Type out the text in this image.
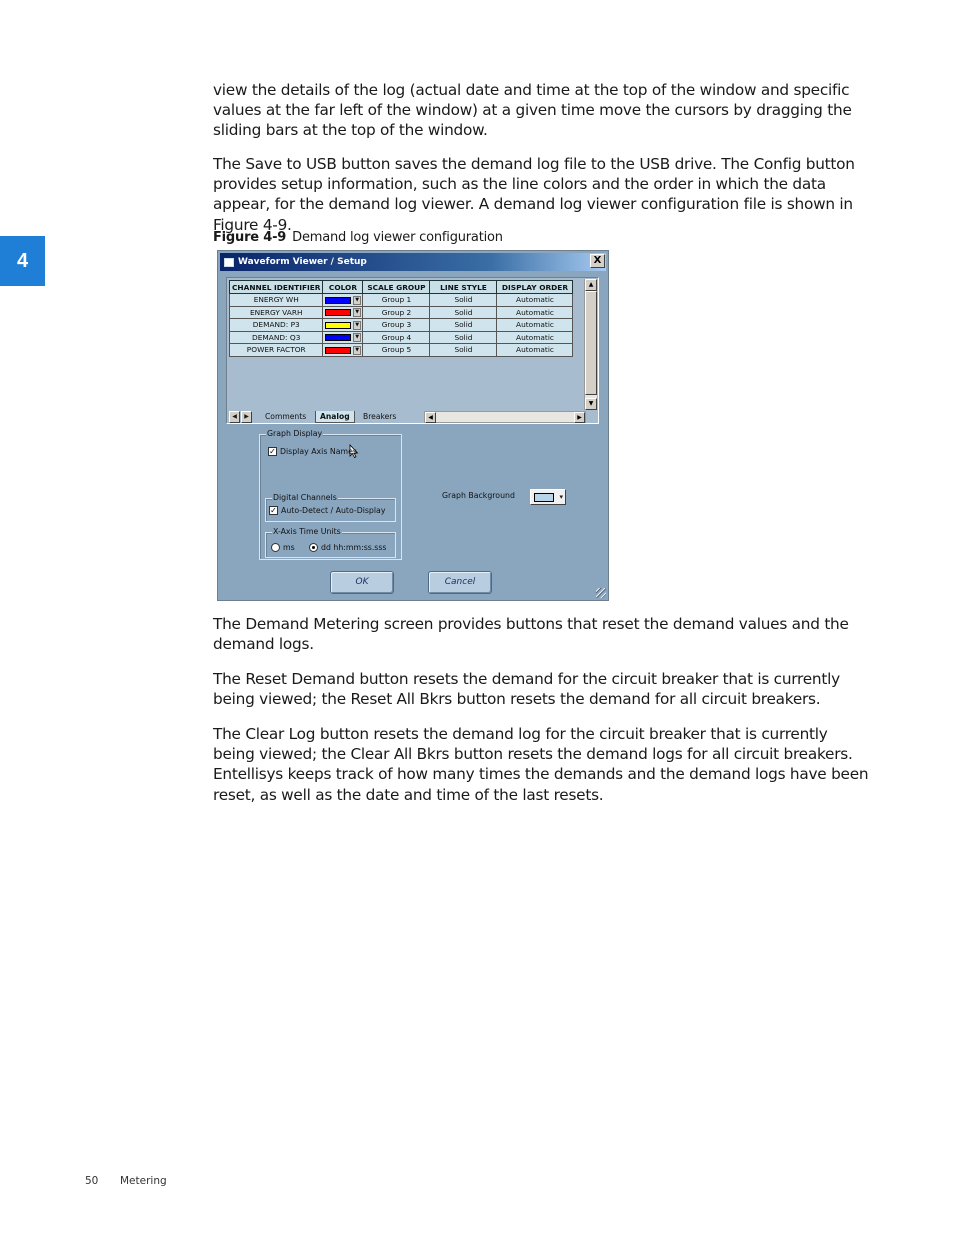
4

view the details of the log (actual date and time at the top of the window and specific values at the far left of the window) at a given time move the cursors by dragging the sliding bars at the top of the window.

The Save to USB button saves the demand log file to the USB drive. The Config button provides setup information, such as the line colors and the order in which the data appear, for the demand log viewer. A demand log viewer configuration file is shown in Figure 4-9.

Figure 4-9 Demand log viewer configuration
Waveform Viewer / Setup	X
CHANNEL IDENTIFIER	COLOR	SCALE GROUP	LINE STYLE	DISPLAY ORDER
ENERGY WH	▼	Group 1	Solid	Automatic
ENERGY VARH	▼	Group 2	Solid	Automatic
DEMAND: P3	▼	Group 3	Solid	Automatic
DEMAND: Q3	▼	Group 4	Solid	Automatic
POWER FACTOR	▼	Group 5	Solid	Automatic
▲
▼
◀	▶	Comments	Analog	Breakers	◀	▶
Graph Display
✓ Display Axis Names
Digital Channels
✓ Auto-Detect / Auto-Display
X-Axis Time Units
ms	dd hh:mm:ss.sss
Graph Background	▾
OK	Cancel

The Demand Metering screen provides buttons that reset the demand values and the demand logs.

The Reset Demand button resets the demand for the circuit breaker that is currently being viewed; the Reset All Bkrs button resets the demand for all circuit breakers.

The Clear Log button resets the demand log for the circuit breaker that is currently being viewed; the Clear All Bkrs button resets the demand logs for all circuit breakers. Entellisys keeps track of how many times the demands and the demand logs have been reset, as well as the date and time of the last resets.

50 Metering
